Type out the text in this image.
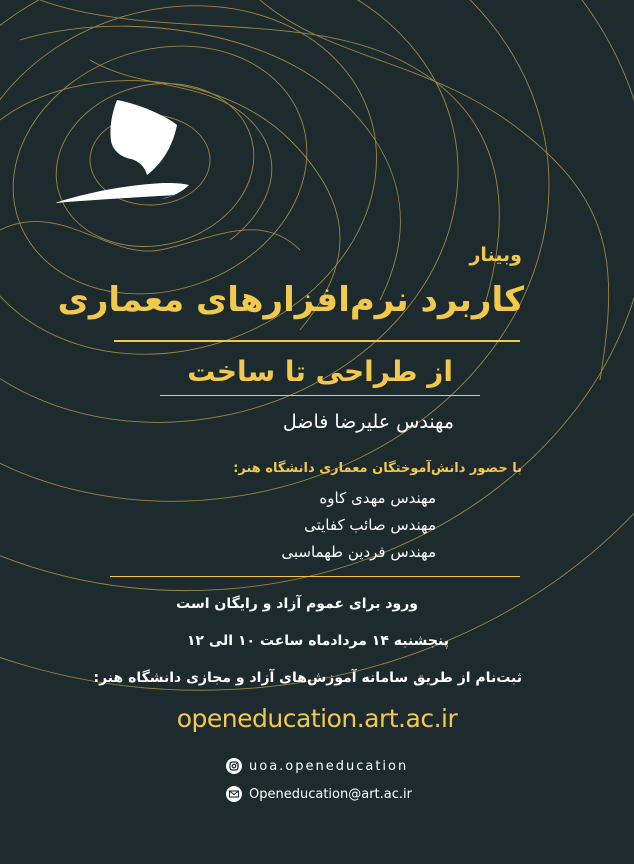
وبینار
کاربرد نرم‌افزارهای معماری
از طراحی تا ساخت
مهندس علیرضا فاضل
با حضور دانش‌آموختگان معماری دانشگاه هنر:
مهندس مهدی کاوه
مهندس صائب کفایتی
مهندس فردین طهماسبی
ورود برای عموم آزاد و رایگان است
پنجشنبه ۱۴ مردادماه ساعت ۱۰ الی ۱۲
ثبت‌نام از طریق سامانه آموزش‌های آزاد و مجازی دانشگاه هنر:
openeducation.art.ac.ir
uoa.openeducation
Openeducation@art.ac.ir
